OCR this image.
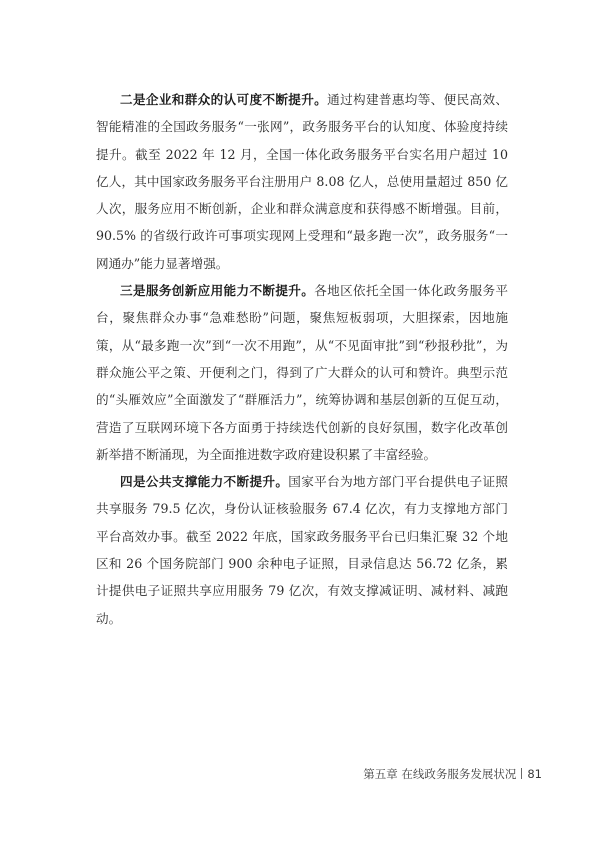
二是企业和群众的认可度不断提升。通过构建普惠均等、便民高效、智能精准的全国政务服务“一张网”，政务服务平台的认知度、体验度持续提升。截至 2022 年 12 月，全国一体化政务服务平台实名用户超过 10 亿人，其中国家政务服务平台注册用户 8.08 亿人，总使用量超过 850 亿人次，服务应用不断创新，企业和群众满意度和获得感不断增强。目前，90.5% 的省级行政许可事项实现网上受理和“最多跑一次”，政务服务“一网通办”能力显著增强。

三是服务创新应用能力不断提升。各地区依托全国一体化政务服务平台，聚焦群众办事“急难愁盼”问题，聚焦短板弱项，大胆探索，因地施策，从“最多跑一次”到“一次不用跑”，从“不见面审批”到“秒报秒批”，为群众施公平之策、开便利之门，得到了广大群众的认可和赞许。典型示范的“头雁效应”全面激发了“群雁活力”，统筹协调和基层创新的互促互动，营造了互联网环境下各方面勇于持续迭代创新的良好氛围，数字化改革创新举措不断涌现，为全面推进数字政府建设积累了丰富经验。

四是公共支撑能力不断提升。国家平台为地方部门平台提供电子证照共享服务 79.5 亿次，身份认证核验服务 67.4 亿次，有力支撑地方部门平台高效办事。截至 2022 年底，国家政务服务平台已归集汇聚 32 个地区和 26 个国务院部门 900 余种电子证照，目录信息达 56.72 亿条，累计提供电子证照共享应用服务 79 亿次，有效支撑减证明、减材料、减跑动。

第五章 在线政务服务发展状况 81
